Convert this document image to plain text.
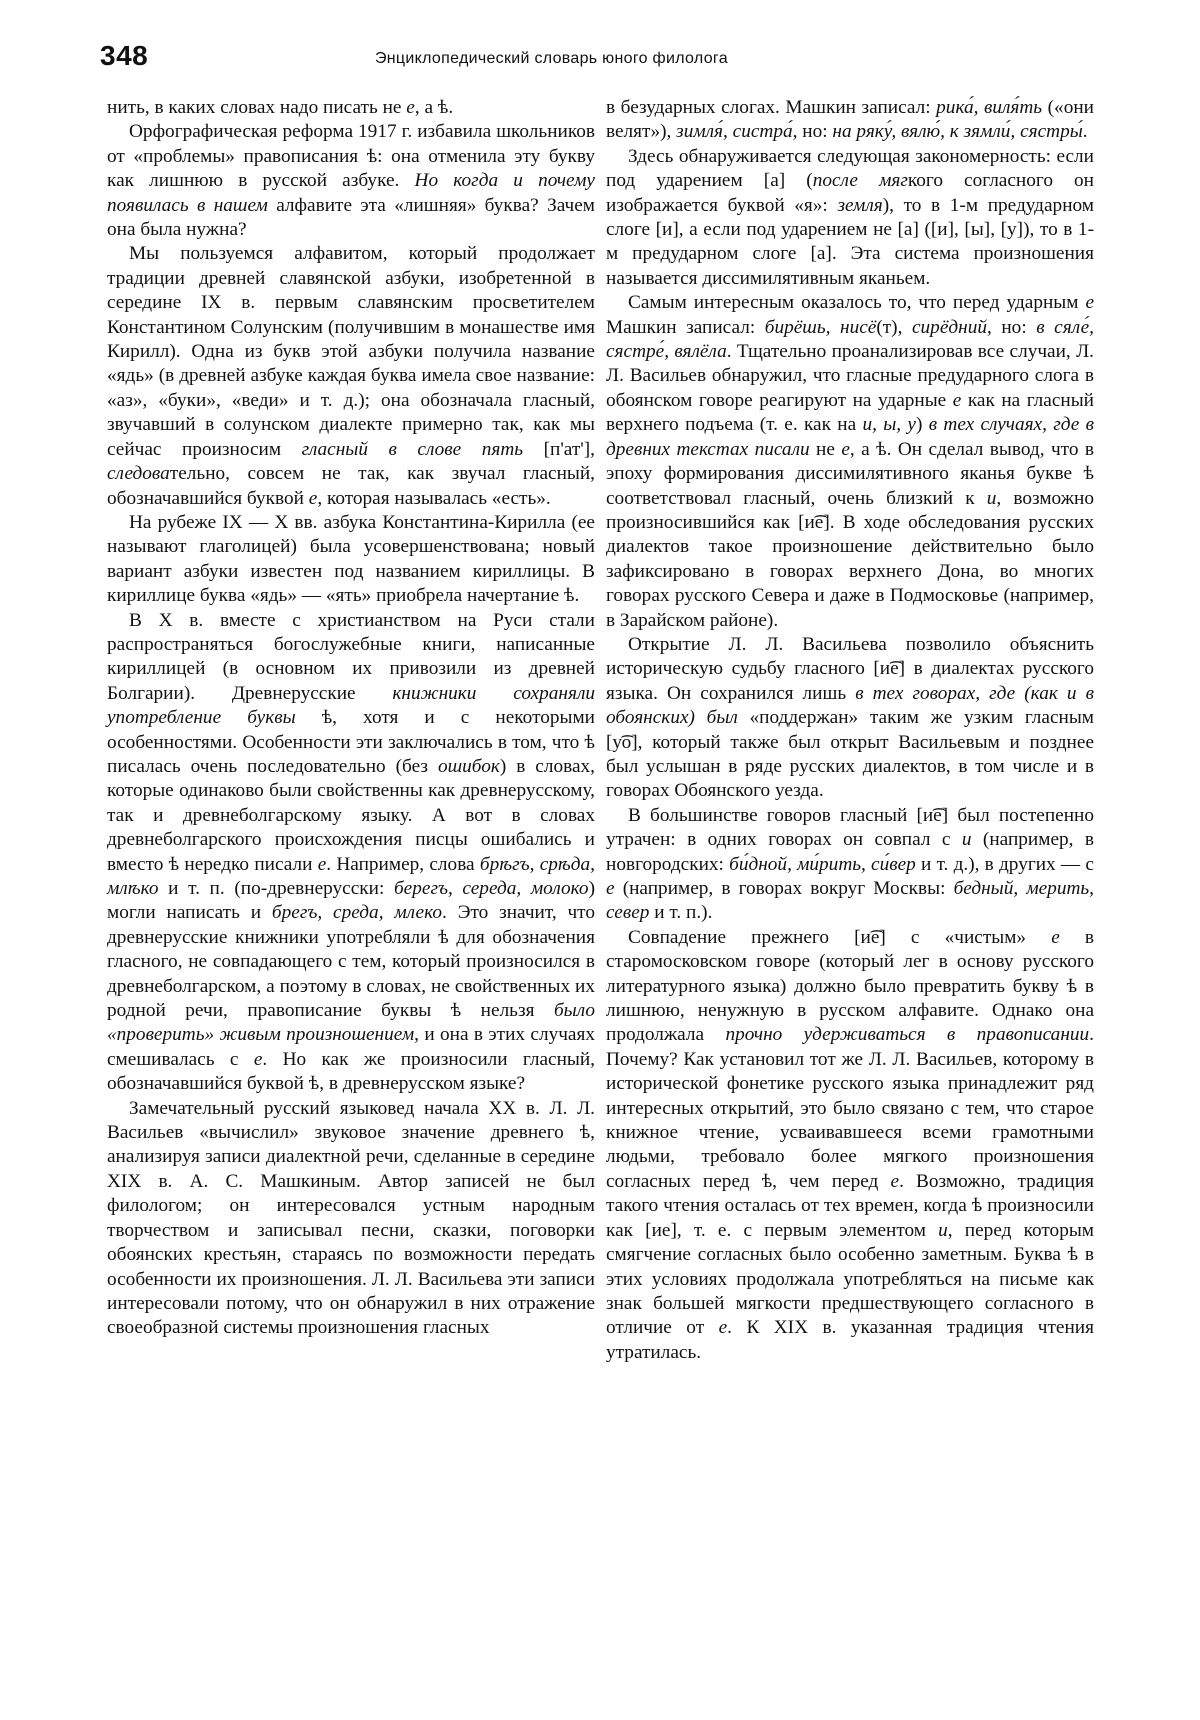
348	Энциклопедический словарь юного филолога

нить, в каких словах надо писать не е, а ѣ.

Орфографическая реформа 1917 г. избавила школьников от «проблемы» правописания ѣ: она отменила эту букву как лишнюю в русской азбуке. Но когда и почему появилась в нашем алфавите эта «лишняя» буква? Зачем она была нужна?

Мы пользуемся алфавитом, который продолжает традиции древней славянской азбуки, изобретенной в середине IX в. первым славянским просветителем Константином Солунским (получившим в монашестве имя Кирилл). Одна из букв этой азбуки получила название «ядь» (в древней азбуке каждая буква имела свое название: «аз», «буки», «веди» и т. д.); она обозначала гласный, звучавший в солунском диалекте примерно так, как мы сейчас произносим гласный в слове пять [п'ат'], следовательно, совсем не так, как звучал гласный, обозначавшийся буквой е, которая называлась «есть».

На рубеже IX — X вв. азбука Константина-Кирилла (ее называют глаголицей) была усовершенствована; новый вариант азбуки известен под названием кириллицы. В кириллице буква «ядь» — «ять» приобрела начертание ѣ.

В X в. вместе с христианством на Руси стали распространяться богослужебные книги, написанные кириллицей (в основном их привозили из древней Болгарии). Древнерусские книжники сохраняли употребление буквы ѣ, хотя и с некоторыми особенностями. Особенности эти заключались в том, что ѣ писалась очень последовательно (без ошибок) в словах, которые одинаково были свойственны как древнерусскому, так и древнеболгарскому языку. А вот в словах древнеболгарского происхождения писцы ошибались и вместо ѣ нередко писали е. Например, слова брѣгъ, срѣда, млѣко и т. п. (по-древнерусски: берегъ, середа, молоко) могли написать и брегъ, среда, млеко. Это значит, что древнерусские книжники употребляли ѣ для обозначения гласного, не совпадающего с тем, который произносился в древнеболгарском, а поэтому в словах, не свойственных их родной речи, правописание буквы ѣ нельзя было «проверить» живым произношением, и она в этих случаях смешивалась с е. Но как же произносили гласный, обозначавшийся буквой ѣ, в древнерусском языке?

Замечательный русский языковед начала XX в. Л. Л. Васильев «вычислил» звуковое значение древнего ѣ, анализируя записи диалектной речи, сделанные в середине XIX в. А. С. Машкиным. Автор записей не был филологом; он интересовался устным народным творчеством и записывал песни, сказки, поговорки обоянских крестьян, стараясь по возможности передать особенности их произношения. Л. Л. Васильева эти записи интересовали потому, что он обнаружил в них отражение своеобразной системы произношения гласных

в безударных слогах. Машкин записал: рика́, виля́ть («они велят»), зимля́, систра́, но: на ряку́, вялю́, к зямли́, сястры́.

Здесь обнаруживается следующая закономерность: если под ударением [а] (после мягкого согласного он изображается буквой «я»: земля), то в 1-м предударном слоге [и], а если под ударением не [а] ([и], [ы], [у]), то в 1-м предударном слоге [а]. Эта система произношения называется диссимилятивным яканьем.

Самым интересным оказалось то, что перед ударным е Машкин записал: бирёшь, нисё(т), сирёдний, но: в сяле́, сястре́, вялёла. Тщательно проанализировав все случаи, Л. Л. Васильев обнаружил, что гласные предударного слога в обоянском говоре реагируют на ударные е как на гласный верхнего подъема (т. е. как на и, ы, у) в тех случаях, где в древних текстах писали не е, а ѣ. Он сделал вывод, что в эпоху формирования диссимилятивного яканья букве ѣ соответствовал гласный, очень близкий к и, возможно произносившийся как [и͡е]. В ходе обследования русских диалектов такое произношение действительно было зафиксировано в говорах верхнего Дона, во многих говорах русского Севера и даже в Подмосковье (например, в Зарайском районе).

Открытие Л. Л. Васильева позволило объяснить историческую судьбу гласного [и͡е] в диалектах русского языка. Он сохранился лишь в тех говорах, где (как и в обоянских) был «поддержан» таким же узким гласным [у͡о], который также был открыт Васильевым и позднее был услышан в ряде русских диалектов, в том числе и в говорах Обоянского уезда.

В большинстве говоров гласный [и͡е] был постепенно утрачен: в одних говорах он совпал с и (например, в новгородских: би́дной, ми́рить, си́вер и т. д.), в других — с е (например, в говорах вокруг Москвы: бедный, мерить, север и т. п.).

Совпадение прежнего [и͡е] с «чистым» е в старомосковском говоре (который лег в основу русского литературного языка) должно было превратить букву ѣ в лишнюю, ненужную в русском алфавите. Однако она продолжала прочно удерживаться в правописании. Почему? Как установил тот же Л. Л. Васильев, которому в исторической фонетике русского языка принадлежит ряд интересных открытий, это было связано с тем, что старое книжное чтение, усваивавшееся всеми грамотными людьми, требовало более мягкого произношения согласных перед ѣ, чем перед е. Возможно, традиция такого чтения осталась от тех времен, когда ѣ произносили как [ие], т. е. с первым элементом и, перед которым смягчение согласных было особенно заметным. Буква ѣ в этих условиях продолжала употребляться на письме как знак большей мягкости предшествующего согласного в отличие от е. К XIX в. указанная традиция чтения утратилась.
